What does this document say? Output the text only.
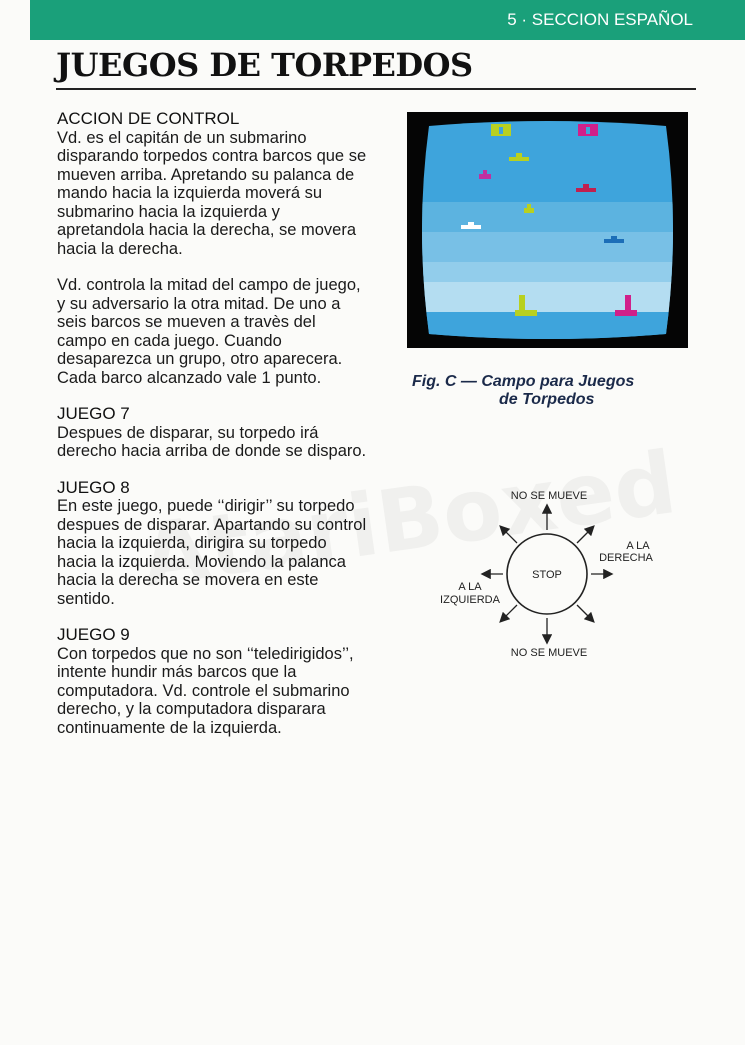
5 · SECCION ESPAÑOL
JUEGOS DE TORPEDOS
ACCION DE CONTROL

Vd. es el capitán de un submarino disparando torpedos contra barcos que se mueven arriba. Apretando su palanca de mando hacia la izquierda moverá su submarino hacia la izquierda y apretandola hacia la derecha, se movera hacia la derecha.

Vd. controla la mitad del campo de juego, y su adversario la otra mitad. De uno a seis barcos se mueven a travès del campo en cada juego. Cuando desaparezca un grupo, otro aparecera. Cada barco alcanzado vale 1 punto.

JUEGO 7

Despues de disparar, su torpedo irá derecho hacia arriba de donde se disparo.

JUEGO 8

En este juego, puede ‘‘dirigir’’ su torpedo despues de disparar. Apartando su control hacia la izquierda, dirigira su torpedo hacia la izquierda. Moviendo la palanca hacia la derecha se movera en este sentido.

JUEGO 9

Con torpedos que no son ‘‘teledirigidos’’, intente hundir más barcos que la computadora. Vd. controle el submarino derecho, y la computadora disparara continuamente de la izquierda.

Fig. C — Campo para Juegos
de Torpedos
NO SE MUEVE
NO SE MUEVE
STOP
A LA
DERECHA
A LA
IZQUIERDA
